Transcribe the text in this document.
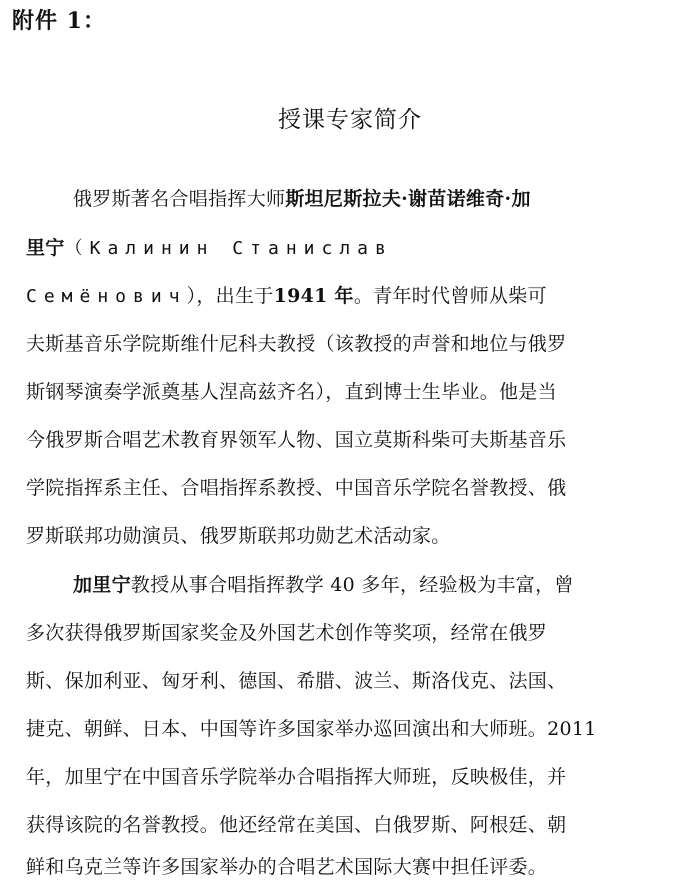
附件 1：
授课专家简介
俄罗斯著名合唱指挥大师斯坦尼斯拉夫·谢苗诺维奇·加
里宁（Калинин Станислав
Семёнович），出生于1941 年。青年时代曾师从柴可
夫斯基音乐学院斯维什尼科夫教授（该教授的声誉和地位与俄罗
斯钢琴演奏学派奠基人涅高兹齐名），直到博士生毕业。他是当
今俄罗斯合唱艺术教育界领军人物、国立莫斯科柴可夫斯基音乐
学院指挥系主任、合唱指挥系教授、中国音乐学院名誉教授、俄
罗斯联邦功勋演员、俄罗斯联邦功勋艺术活动家。
加里宁教授从事合唱指挥教学 40 多年，经验极为丰富，曾
多次获得俄罗斯国家奖金及外国艺术创作等奖项，经常在俄罗
斯、保加利亚、匈牙利、德国、希腊、波兰、斯洛伐克、法国、
捷克、朝鲜、日本、中国等许多国家举办巡回演出和大师班。2011
年，加里宁在中国音乐学院举办合唱指挥大师班，反映极佳，并
获得该院的名誉教授。他还经常在美国、白俄罗斯、阿根廷、朝
鲜和乌克兰等许多国家举办的合唱艺术国际大赛中担任评委。
